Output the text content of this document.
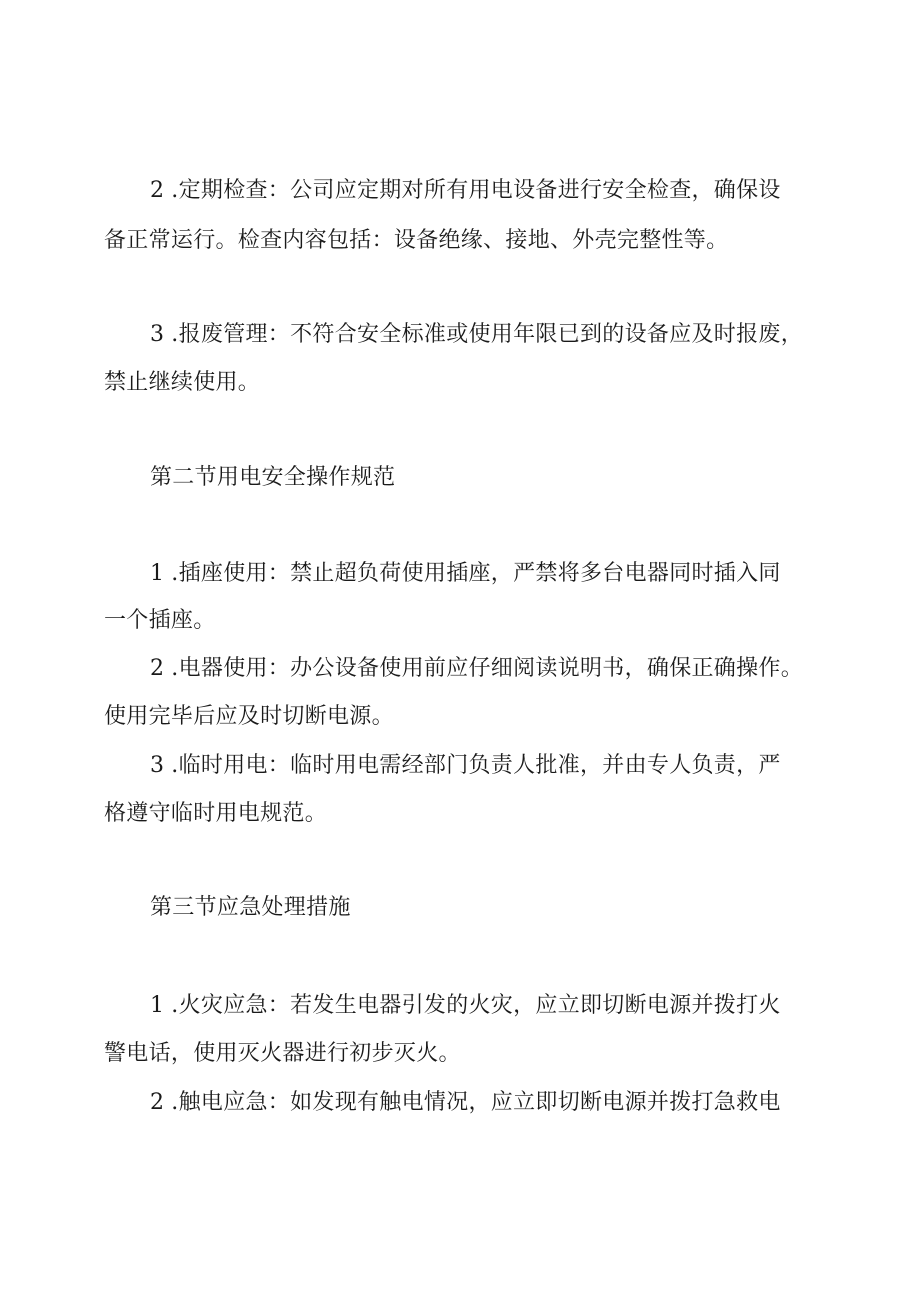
2 .定期检查：公司应定期对所有用电设备进行安全检查，确保设
备正常运行。检查内容包括：设备绝缘、接地、外壳完整性等。
3 .报废管理：不符合安全标准或使用年限已到的设备应及时报废，
禁止继续使用。
第二节用电安全操作规范
1 .插座使用：禁止超负荷使用插座，严禁将多台电器同时插入同
一个插座。
2 .电器使用：办公设备使用前应仔细阅读说明书，确保正确操作。
使用完毕后应及时切断电源。
3 .临时用电：临时用电需经部门负责人批准，并由专人负责，严
格遵守临时用电规范。
第三节应急处理措施
1 .火灾应急：若发生电器引发的火灾，应立即切断电源并拨打火
警电话，使用灭火器进行初步灭火。
2 .触电应急：如发现有触电情况，应立即切断电源并拨打急救电
